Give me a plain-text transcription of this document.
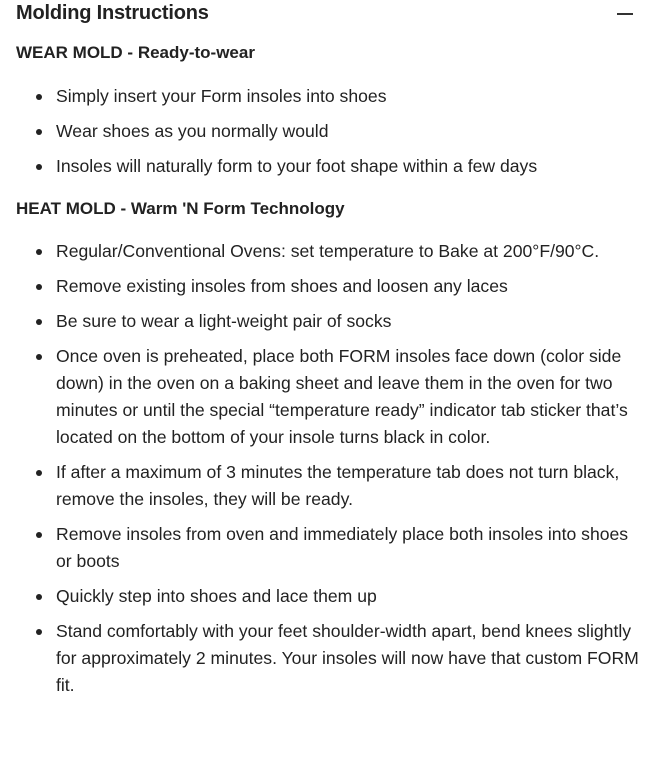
Molding Instructions
WEAR MOLD - Ready-to-wear
Simply insert your Form insoles into shoes
Wear shoes as you normally would
Insoles will naturally form to your foot shape within a few days
HEAT MOLD - Warm 'N Form Technology
Regular/Conventional Ovens: set temperature to Bake at 200°F/90°C.
Remove existing insoles from shoes and loosen any laces
Be sure to wear a light-weight pair of socks
Once oven is preheated, place both FORM insoles face down (color side down) in the oven on a baking sheet and leave them in the oven for two minutes or until the special “temperature ready” indicator tab sticker that’s located on the bottom of your insole turns black in color.
If after a maximum of 3 minutes the temperature tab does not turn black, remove the insoles, they will be ready.
Remove insoles from oven and immediately place both insoles into shoes or boots
Quickly step into shoes and lace them up
Stand comfortably with your feet shoulder-width apart, bend knees slightly for approximately 2 minutes. Your insoles will now have that custom FORM fit.
